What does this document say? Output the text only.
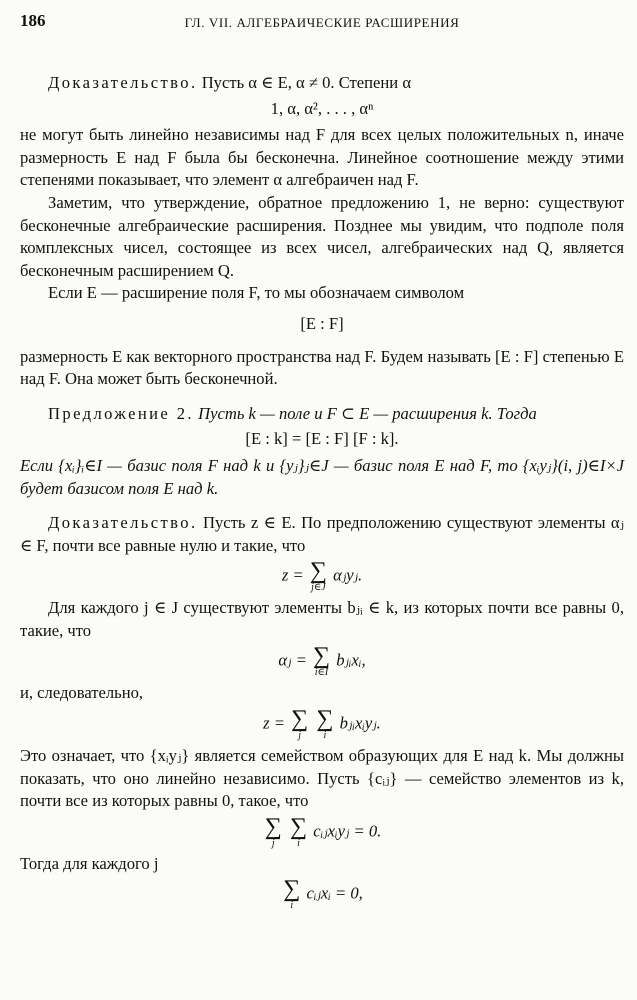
186	ГЛ. VII. АЛГЕБРАИЧЕСКИЕ РАСШИРЕНИЯ

Доказательство. Пусть α ∈ E, α ≠ 0. Степени α

1, α, α², . . . , αⁿ

не могут быть линейно независимы над F для всех целых положительных n, иначе размерность E над F была бы бесконечна. Линейное соотношение между этими степенями показывает, что элемент α алгебраичен над F.

Заметим, что утверждение, обратное предложению 1, не верно: существуют бесконечные алгебраические расширения. Позднее мы увидим, что подполе поля комплексных чисел, состоящее из всех чисел, алгебраических над Q, является бесконечным расширением Q.

Если E — расширение поля F, то мы обозначаем символом

[E : F]

размерность E как векторного пространства над F. Будем называть [E : F] степенью E над F. Она может быть бесконечной.

Предложение 2. Пусть k — поле и F ⊂ E — расширения k. Тогда

[E : k] = [E : F] [F : k].

Если {xᵢ}ᵢ∈I — базис поля F над k и {yⱼ}ⱼ∈J — базис поля E над F, то {xᵢyⱼ}(i, j)∈I×J будет базисом поля E над k.

Доказательство. Пусть z ∈ E. По предположению существуют элементы αⱼ ∈ F, почти все равные нулю и такие, что

z = ∑
j∈J
αⱼyⱼ.

Для каждого j ∈ J существуют элементы bⱼᵢ ∈ k, из которых почти все равны 0, такие, что

αⱼ = ∑
i∈I
bⱼᵢxᵢ,

и, следовательно,

z = ∑
j

∑
i
bⱼᵢxᵢyⱼ.

Это означает, что {xᵢyⱼ} является семейством образующих для E над k. Мы должны показать, что оно линейно независимо. Пусть {cᵢⱼ} — семейство элементов из k, почти все из которых равны 0, такое, что

∑
j

∑
i
cᵢⱼxᵢyⱼ = 0.

Тогда для каждого j

∑
i
cᵢⱼxᵢ = 0,
